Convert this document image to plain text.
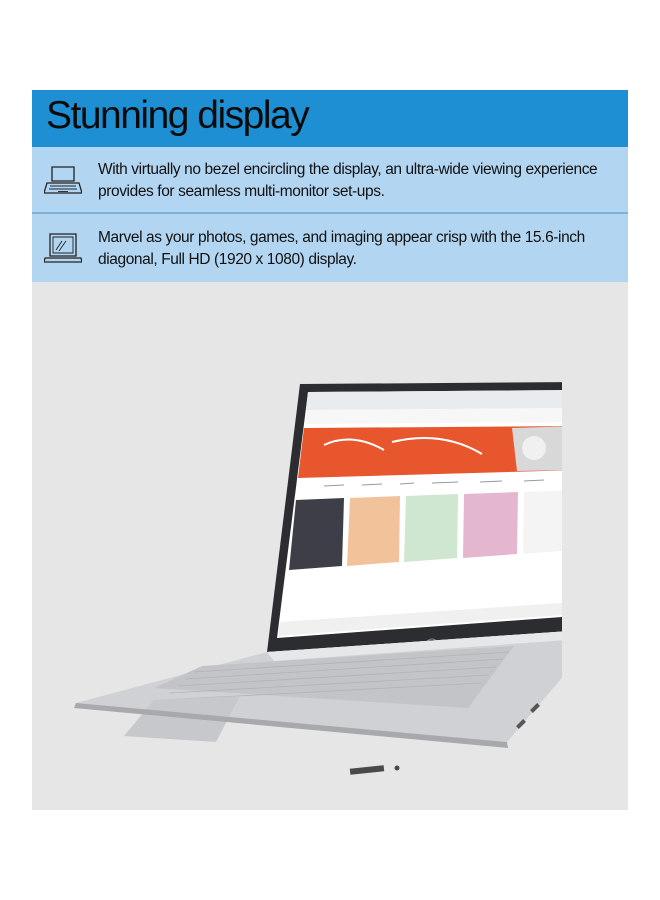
Stunning display
With virtually no bezel encircling the display, an ultra-wide viewing experience provides for seamless multi-monitor set-ups.
Marvel as your photos, games, and imaging appear crisp with the 15.6-inch diagonal, Full HD (1920 x 1080) display.
